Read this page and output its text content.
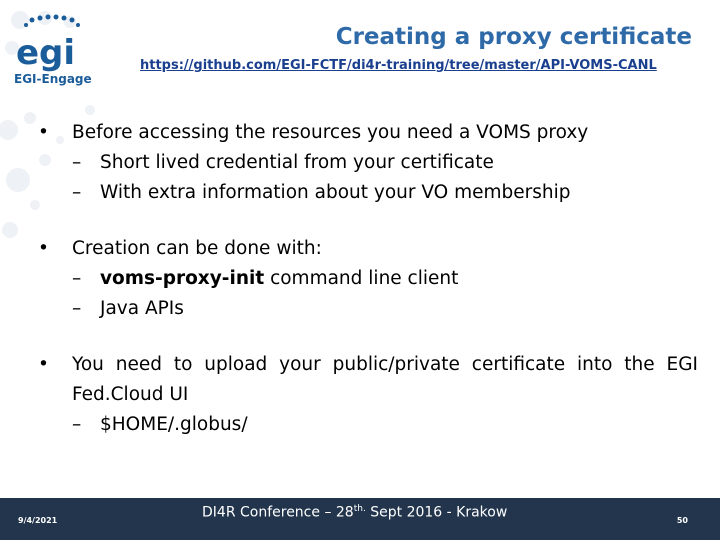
egi
EGI-Engage
Creating a proxy certificate
https://github.com/EGI-FCTF/di4r-training/tree/master/API-VOMS-CANL
• Before accessing the resources you need a VOMS proxy
– Short lived credential from your certificate
– With extra information about your VO membership
• Creation can be done with:
– voms-proxy-init command line client
– Java APIs
• You need to upload your public/private certificate into the EGI Fed.Cloud UI
– $HOME/.globus/
9/4/2021	DI4R Conference – $28^{th.}$ Sept 2016 - Krakow	50
